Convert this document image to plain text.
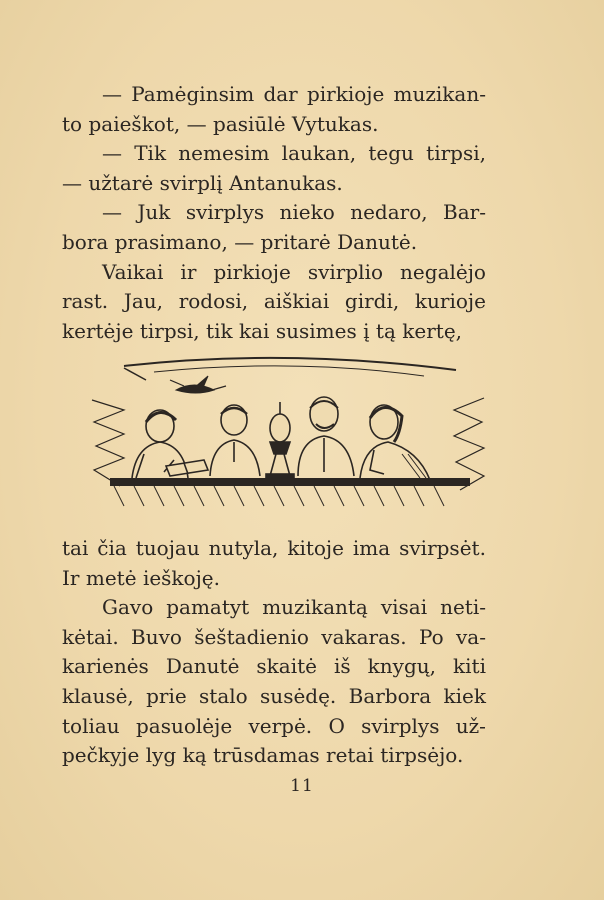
— Pamėginsim dar pirkioje muzikan-
to paieškot, — pasiūlė Vytukas.
— Tik nemesim laukan, tegu tirpsi,
— užtarė svirplį Antanukas.
— Juk svirplys nieko nedaro, Bar-
bora prasimano, — pritarė Danutė.
Vaikai ir pirkioje svirplio negalėjo
rast. Jau, rodosi, aiškiai girdi, kurioje
kertėje tirpsi, tik kai susimes į tą kertę,
tai čia tuojau nutyla, kitoje ima svirpsėt.
Ir metė ieškoję.
Gavo pamatyt muzikantą visai neti-
kėtai. Buvo šeštadienio vakaras. Po va-
karienės Danutė skaitė iš knygų, kiti
klausė, prie stalo susėdę. Barbora kiek
toliau pasuolėje verpė. O svirplys už-
pečkyje lyg ką trūsdamas retai tirpsėjo.
11
